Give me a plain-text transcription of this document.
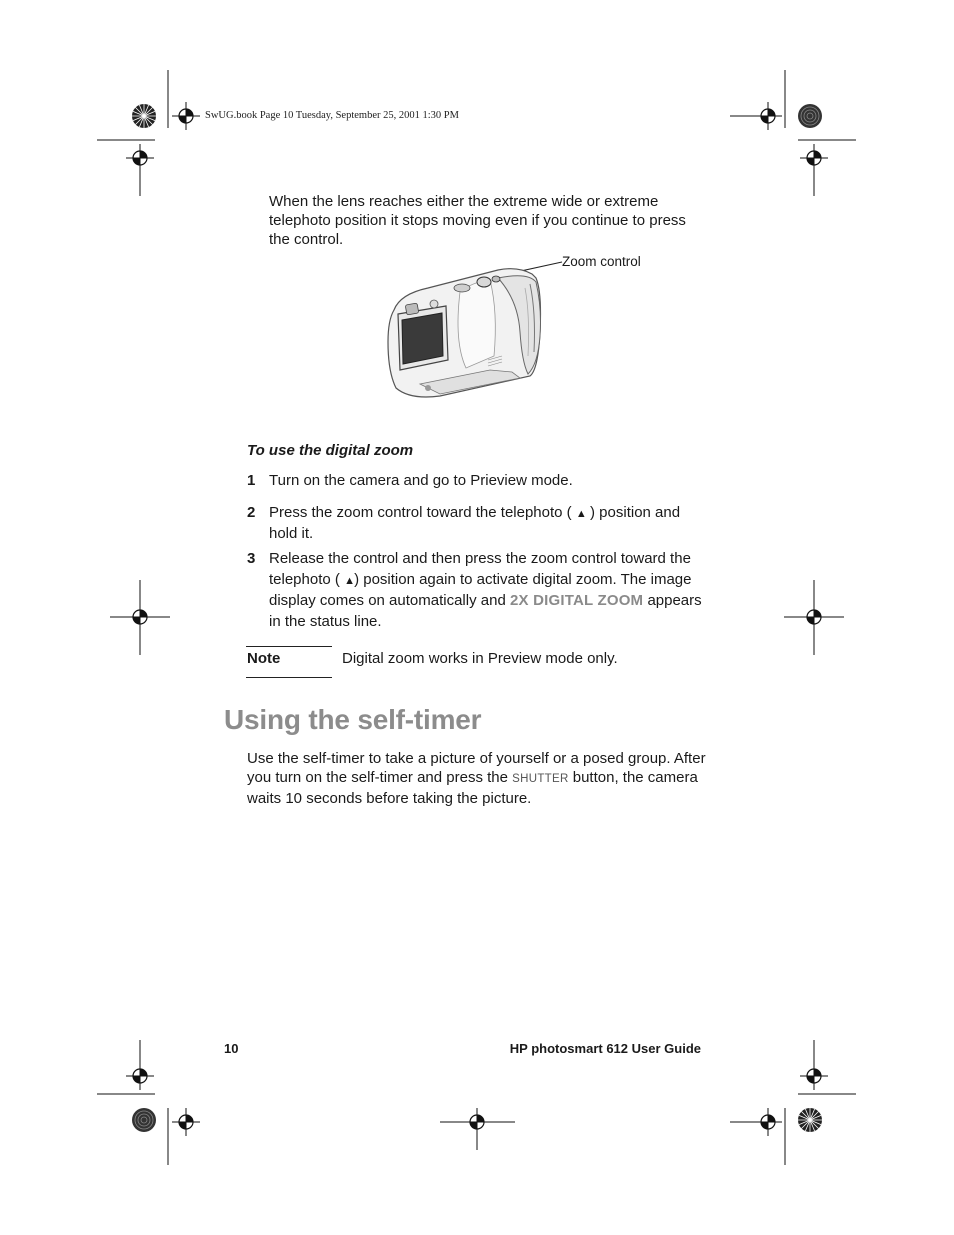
SwUG.book Page 10 Tuesday, September 25, 2001 1:30 PM
When the lens reaches either the extreme wide or extreme telephoto position it stops moving even if you continue to press the control.
Zoom control
To use the digital zoom
1 Turn on the camera and go to Prieview mode.
2 Press the zoom control toward the telephoto ( ▲ ) position and hold it.
3 Release the control and then press the zoom control toward the telephoto ( ▲) position again to activate digital zoom. The image display comes on automatically and 2X DIGITAL ZOOM appears in the status line.
Note	Digital zoom works in Preview mode only.
Using the self-timer
Use the self-timer to take a picture of yourself or a posed group. After you turn on the self-timer and press the SHUTTER button, the camera waits 10 seconds before taking the picture.
10	HP photosmart 612 User Guide
